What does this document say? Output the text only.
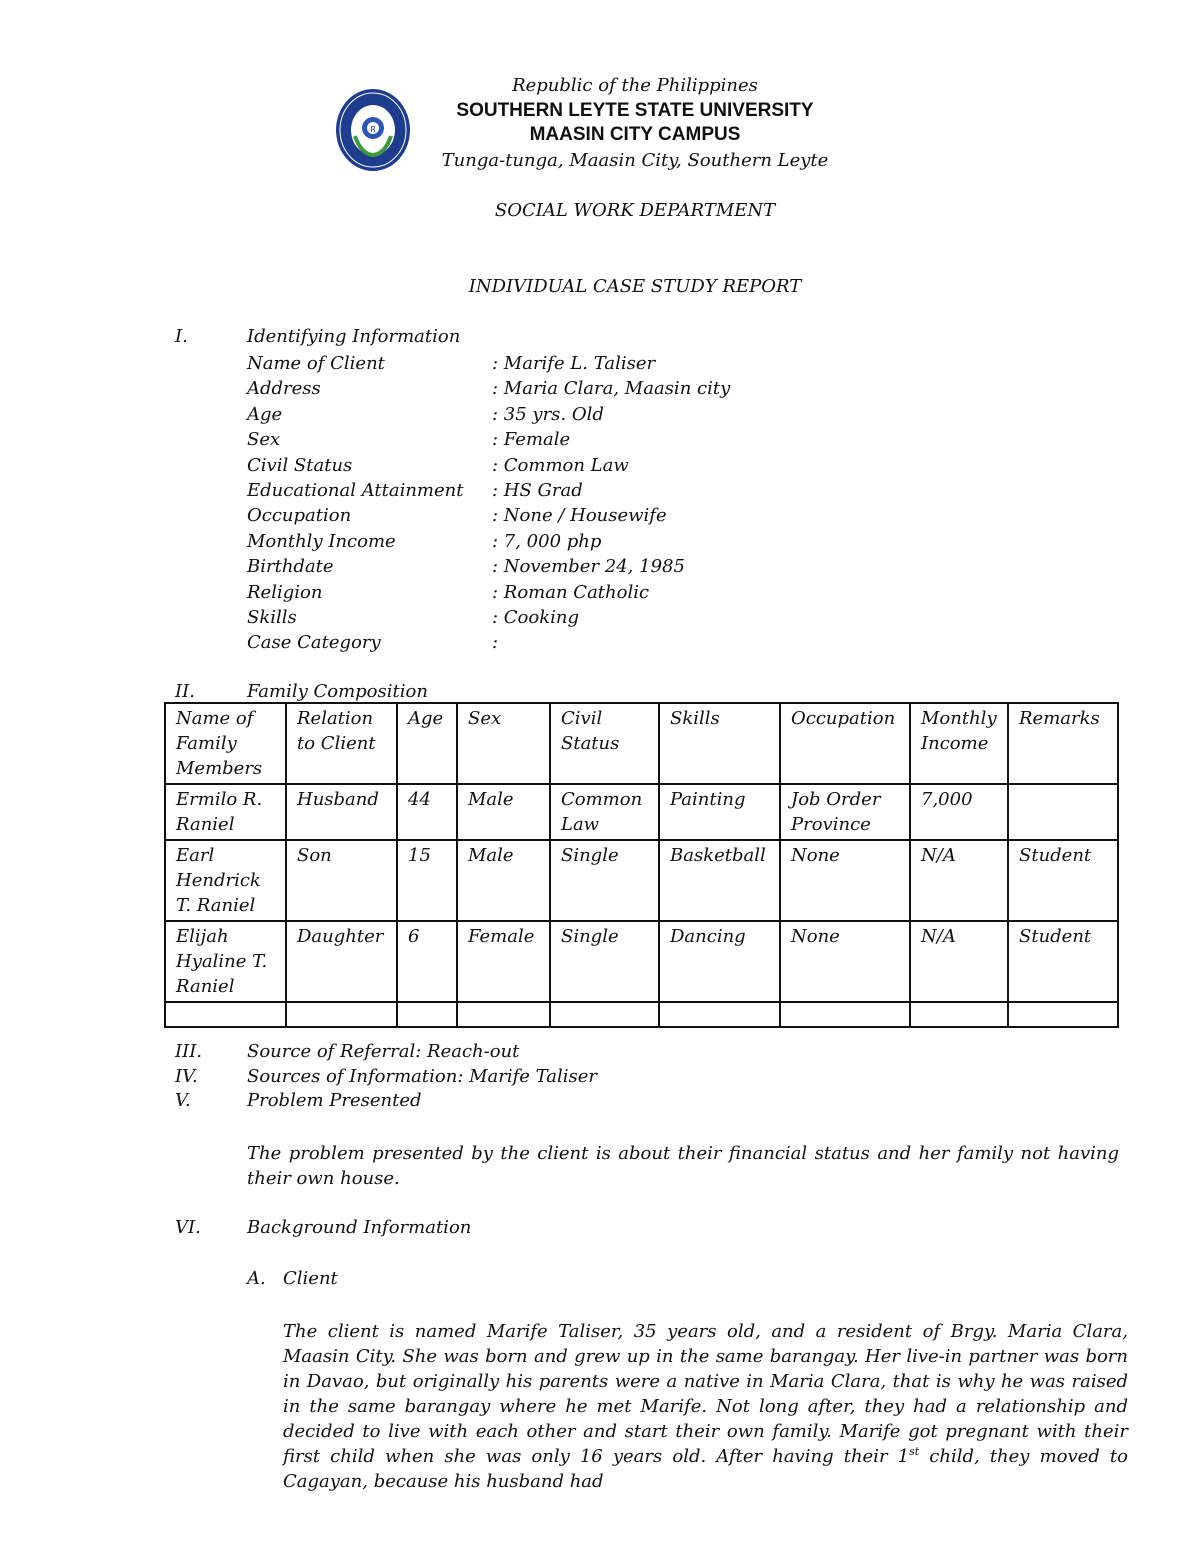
R
Republic of the Philippines
SOUTHERN LEYTE STATE UNIVERSITY
MAASIN CITY CAMPUS
Tunga-tunga, Maasin City, Southern Leyte
SOCIAL WORK DEPARTMENT
INDIVIDUAL CASE STUDY REPORT
I.	Identifying Information
Name of Client	: Marife L. Taliser
Address	: Maria Clara, Maasin city
Age	: 35 yrs. Old
Sex	: Female
Civil Status	: Common Law
Educational Attainment	: HS Grad
Occupation	: None / Housewife
Monthly Income	: 7, 000 php
Birthdate	: November 24, 1985
Religion	: Roman Catholic
Skills	: Cooking
Case Category	:
II.	Family Composition
Name of Family Members	Relation to Client	Age	Sex	Civil Status	Skills	Occupation	Monthly Income	Remarks
Ermilo R. Raniel	Husband	44	Male	Common Law	Painting	Job Order Province	7,000	
Earl Hendrick T. Raniel	Son	15	Male	Single	Basketball	None	N/A	Student
Elijah Hyaline T. Raniel	Daughter	6	Female	Single	Dancing	None	N/A	Student

III. Source of Referral: Reach-out
IV.	Sources of Information: Marife Taliser
V.	Problem Presented
The problem presented by the client is about their financial status and her family not having their own house.
VI.	Background Information
A. Client
The client is named Marife Taliser, 35 years old, and a resident of Brgy. Maria Clara, Maasin City. She was born and grew up in the same barangay. Her live-in partner was born in Davao, but originally his parents were a native in Maria Clara, that is why he was raised in the same barangay where he met Marife. Not long after, they had a relationship and decided to live with each other and start their own family. Marife got pregnant with their first child when she was only 16 years old. After having their 1st child, they moved to Cagayan, because his husband had
